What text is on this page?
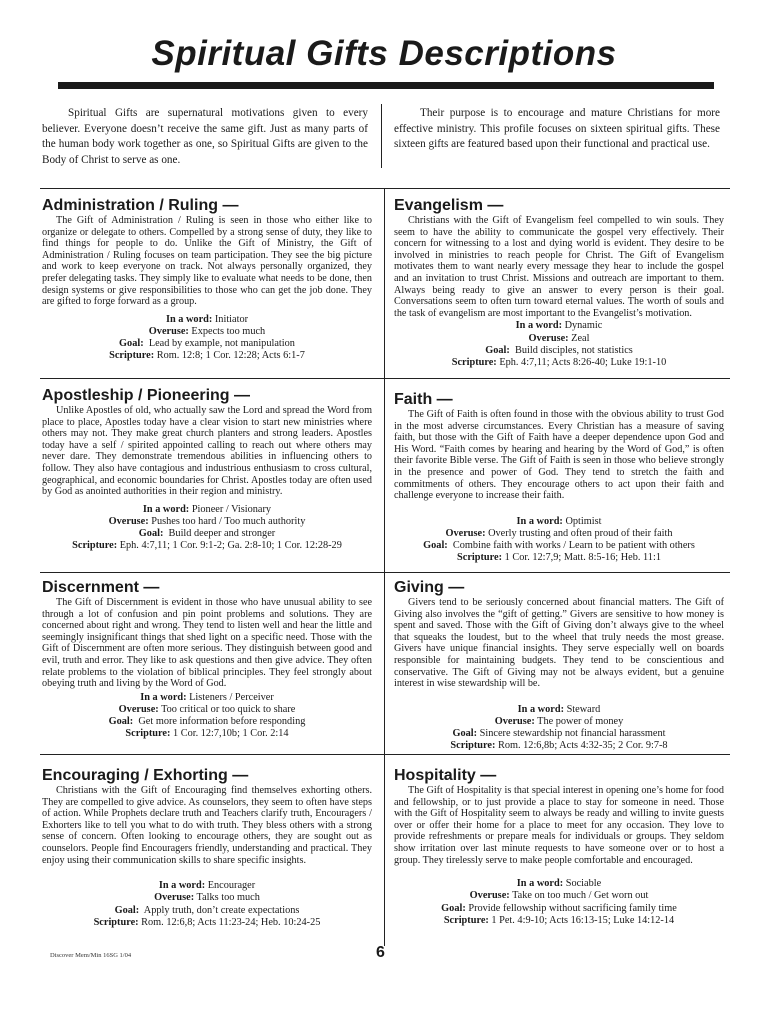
Spiritual Gifts Descriptions

Spiritual Gifts are supernatural motivations given to every believer. Everyone doesn’t receive the same gift. Just as many parts of the human body work together as one, so Spiritual Gifts are given to the Body of Christ to serve as one.

Their purpose is to encourage and mature Christians for more effective ministry. This profile focuses on sixteen spiritual gifts. These sixteen gifts are featured based upon their functional and practical use.

Administration / Ruling —

The Gift of Administration / Ruling is seen in those who either like to organize or delegate to others. Compelled by a strong sense of duty, they like to find things for people to do. Unlike the Gift of Ministry, the Gift of Administration / Ruling focuses on team participation. They see the big picture and work to keep everyone on track. Not always personally organized, they prefer delegating tasks. They simply like to evaluate what needs to be done, then design systems or give responsibilities to those who can get the job done. They are gifted to forge forward as a group.

In a word: Initiator
Overuse: Expects too much
Goal: Lead by example, not manipulation
Scripture: Rom. 12:8; 1 Cor. 12:28; Acts 6:1-7
Evangelism —

Christians with the Gift of Evangelism feel compelled to win souls. They seem to have the ability to communicate the gospel very effectively. Their concern for witnessing to a lost and dying world is evident. They desire to be involved in ministries to reach people for Christ. The Gift of Evangelism motivates them to want nearly every message they hear to include the gospel and an invitation to trust Christ. Missions and outreach are important to them. Always being ready to give an answer to every person is their goal. Conversations seem to often turn toward eternal values. The worth of souls and the task of evangelism are most important to the Evangelist’s motivation.

In a word: Dynamic
Overuse: Zeal
Goal: Build disciples, not statistics
Scripture: Eph. 4:7,11; Acts 8:26-40; Luke 19:1-10
Apostleship / Pioneering —

Unlike Apostles of old, who actually saw the Lord and spread the Word from place to place, Apostles today have a clear vision to start new ministries where others may not. They make great church planters and strong leaders. Apostles today have a self / spirited appointed calling to reach out where others may never dare. They demonstrate tremendous abilities in influencing others to follow. They also have contagious and industrious enthusiasm to cross cultural, geographical, and economic boundaries for Christ. Apostles today are often used by God as anointed authorities in their region and ministry.

In a word: Pioneer / Visionary
Overuse: Pushes too hard / Too much authority
Goal: Build deeper and stronger
Scripture: Eph. 4:7,11; 1 Cor. 9:1-2; Ga. 2:8-10; 1 Cor. 12:28-29
Faith —

The Gift of Faith is often found in those with the obvious ability to trust God in the most adverse circumstances. Every Christian has a measure of saving faith, but those with the Gift of Faith have a deeper dependence upon God and His Word. “Faith comes by hearing and hearing by the Word of God,” is often their favorite Bible verse. The Gift of Faith is seen in those who believe strongly in the presence and power of God. They tend to stretch the faith and commitments of others. They encourage others to act upon their faith and challenge everyone to increase their faith.

In a word: Optimist
Overuse: Overly trusting and often proud of their faith
Goal: Combine faith with works / Learn to be patient with others
Scripture: 1 Cor. 12:7,9; Matt. 8:5-16; Heb. 11:1
Discernment —

The Gift of Discernment is evident in those who have unusual ability to see through a lot of confusion and pin point problems and solutions. They are concerned about right and wrong. They tend to listen well and hear the little and seemingly insignificant things that shed light on a specific need. Those with the Gift of Discernment are often more serious. They distinguish between good and evil, truth and error. They like to ask questions and then give advice. They often relate problems to the violation of biblical principles. They feel strongly about obeying truth and living by the Word of God.

In a word: Listeners / Perceiver
Overuse: Too critical or too quick to share
Goal: Get more information before responding
Scripture: 1 Cor. 12:7,10b; 1 Cor. 2:14
Giving —

Givers tend to be seriously concerned about financial matters. The Gift of Giving also involves the “gift of getting.” Givers are sensitive to how money is spent and saved. Those with the Gift of Giving don’t always give to the wheel that squeaks the loudest, but to the wheel that truly needs the most grease. Givers have unique financial insights. They serve especially well on boards responsible for maintaining budgets. They tend to be conscientious and conservative. The Gift of Giving may not be always evident, but a genuine interest in wise stewardship will be.

In a word: Steward
Overuse: The power of money
Goal: Sincere stewardship not financial harassment
Scripture: Rom. 12:6,8b; Acts 4:32-35; 2 Cor. 9:7-8
Encouraging / Exhorting —

Christians with the Gift of Encouraging find themselves exhorting others. They are compelled to give advice. As counselors, they seem to often have steps of action. While Prophets declare truth and Teachers clarify truth, Encouragers / Exhorters like to tell you what to do with truth. They bless others with a strong sense of concern. Often looking to encourage others, they are sought out as counselors. People find Encouragers friendly, understanding and practical. They enjoy using their communication skills to share specific insights.

In a word: Encourager
Overuse: Talks too much
Goal: Apply truth, don’t create expectations
Scripture: Rom. 12:6,8; Acts 11:23-24; Heb. 10:24-25
Hospitality —

The Gift of Hospitality is that special interest in opening one’s home for food and fellowship, or to just provide a place to stay for someone in need. Those with the Gift of Hospitality seem to always be ready and willing to invite guests over or offer their home for a place to meet for any occasion. They love to provide refreshments or prepare meals for individuals or groups. They seldom show irritation over last minute requests to have someone over or to host a group. They tirelessly serve to make people comfortable and encouraged.

In a word: Sociable
Overuse: Take on too much / Get worn out
Goal: Provide fellowship without sacrificing family time
Scripture: 1 Pet. 4:9-10; Acts 16:13-15; Luke 14:12-14
Discover Mem/Min 16SG 1/04	6
